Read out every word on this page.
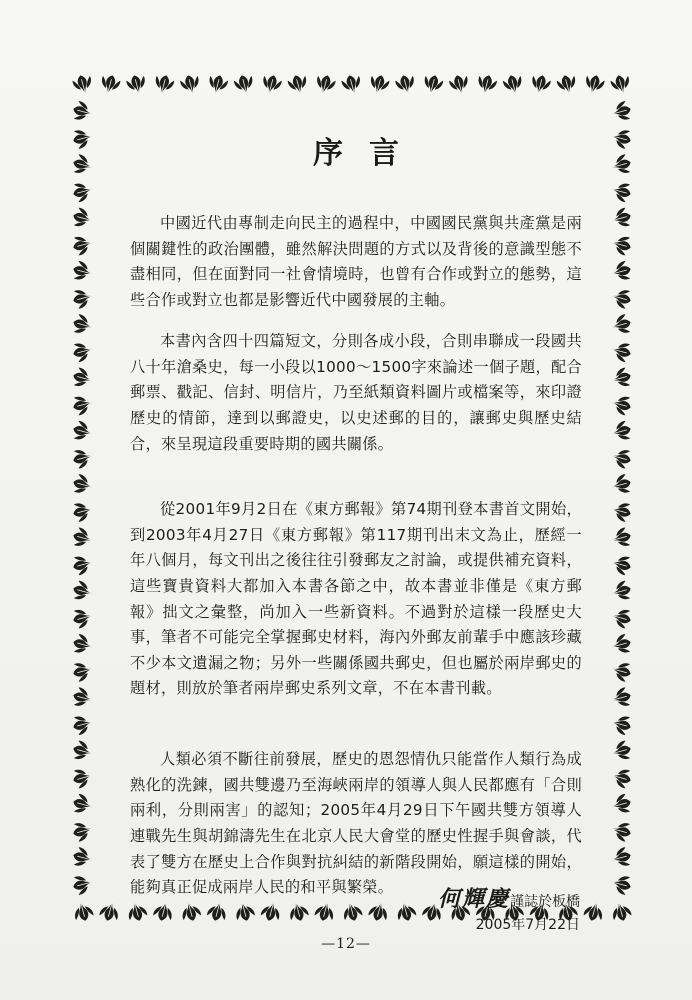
序言

中國近代由專制走向民主的過程中，中國國民黨與共產黨是兩個關鍵性的政治團體，雖然解決問題的方式以及背後的意識型態不盡相同，但在面對同一社會情境時，也曾有合作或對立的態勢，這些合作或對立也都是影響近代中國發展的主軸。

本書內含四十四篇短文，分則各成小段，合則串聯成一段國共八十年滄桑史，每一小段以1000～1500字來論述一個子題，配合郵票、戳記、信封、明信片，乃至紙類資料圖片或檔案等，來印證歷史的情節，達到以郵證史，以史述郵的目的，讓郵史與歷史結合，來呈現這段重要時期的國共關係。

從2001年9月2日在《東方郵報》第74期刊登本書首文開始，到2003年4月27日《東方郵報》第117期刊出末文為止，歷經一年八個月，每文刊出之後往往引發郵友之討論，或提供補充資料，這些寶貴資料大都加入本書各節之中，故本書並非僅是《東方郵報》拙文之彙整，尚加入一些新資料。不過對於這樣一段歷史大事，筆者不可能完全掌握郵史材料，海內外郵友前輩手中應該珍藏不少本文遺漏之物；另外一些關係國共郵史，但也屬於兩岸郵史的題材，則放於筆者兩岸郵史系列文章，不在本書刊載。

人類必須不斷往前發展，歷史的恩怨情仇只能當作人類行為成熟化的洗鍊，國共雙邊乃至海峽兩岸的領導人與人民都應有「合則兩利，分則兩害」的認知；2005年4月29日下午國共雙方領導人連戰先生與胡錦濤先生在北京人民大會堂的歷史性握手與會談，代表了雙方在歷史上合作與對抗糾結的新階段開始，願這樣的開始，能夠真正促成兩岸人民的和平與繁榮。	何輝慶謹誌於板橋
2005年7月22日
—12—
